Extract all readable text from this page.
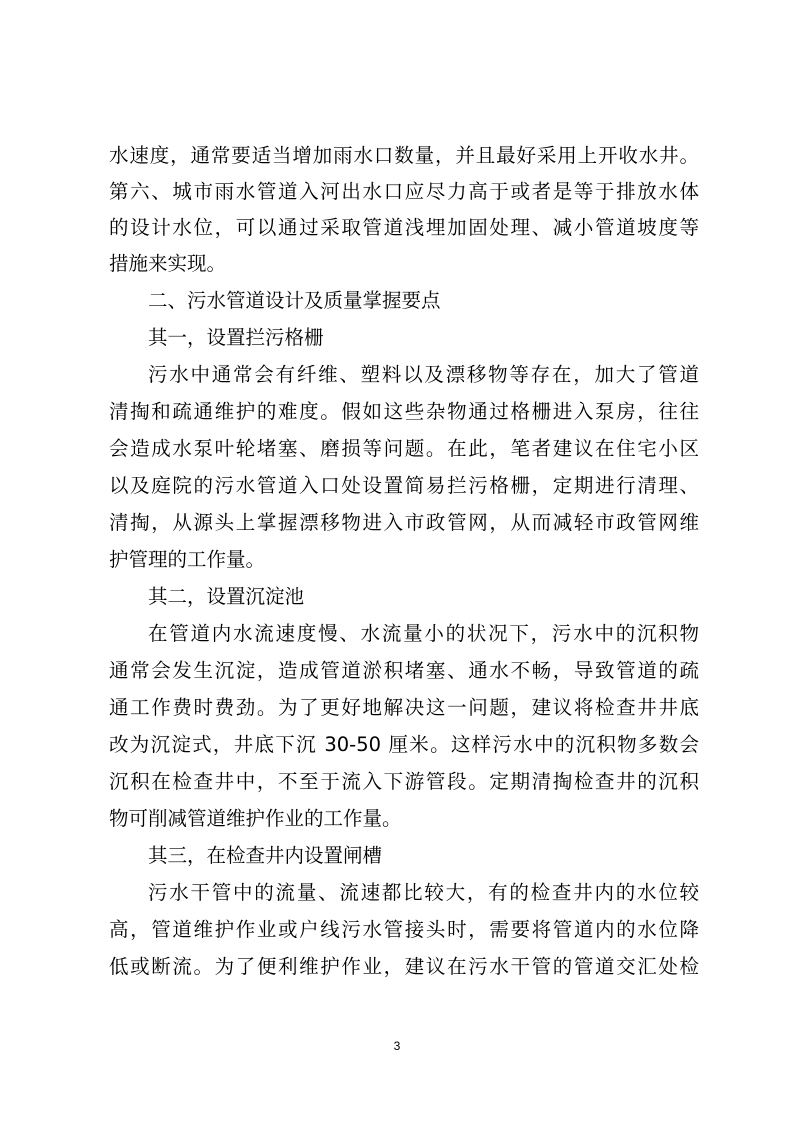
水速度，通常要适当增加雨水口数量，并且最好采用上开收水井。
第六、城市雨水管道入河出水口应尽力高于或者是等于排放水体
的设计水位，可以通过采取管道浅埋加固处理、减小管道坡度等
措施来实现。
二、污水管道设计及质量掌握要点
其一，设置拦污格栅
污水中通常会有纤维、塑料以及漂移物等存在，加大了管道
清掏和疏通维护的难度。假如这些杂物通过格栅进入泵房，往往
会造成水泵叶轮堵塞、磨损等问题。在此，笔者建议在住宅小区
以及庭院的污水管道入口处设置简易拦污格栅，定期进行清理、
清掏，从源头上掌握漂移物进入市政管网，从而减轻市政管网维
护管理的工作量。
其二，设置沉淀池
在管道内水流速度慢、水流量小的状况下，污水中的沉积物
通常会发生沉淀，造成管道淤积堵塞、通水不畅，导致管道的疏
通工作费时费劲。为了更好地解决这一问题，建议将检查井井底
改为沉淀式，井底下沉 30-50 厘米。这样污水中的沉积物多数会
沉积在检查井中，不至于流入下游管段。定期清掏检查井的沉积
物可削减管道维护作业的工作量。
其三，在检查井内设置闸槽
污水干管中的流量、流速都比较大，有的检查井内的水位较
高，管道维护作业或户线污水管接头时，需要将管道内的水位降
低或断流。为了便利维护作业，建议在污水干管的管道交汇处检
3
